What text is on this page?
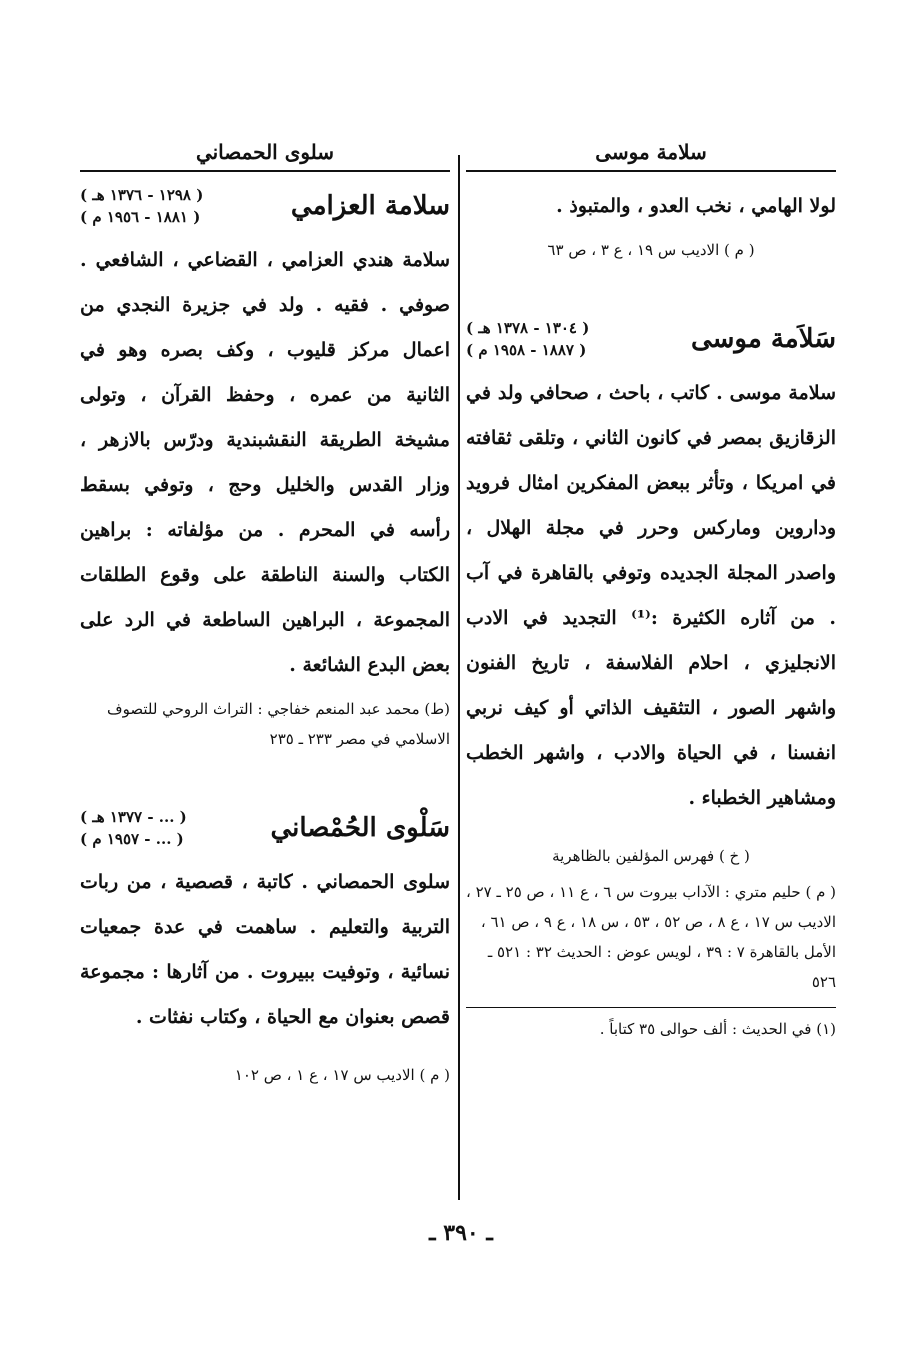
سلامة موسى

لولا الهامي ، نخب العدو ، والمتبوذ .

( م ) الاديب س ١٩ ، ع ٣ ، ص ٦٣
سَلاَمة موسى
( ١٣٠٤ - ١٣٧٨ هـ )
( ١٨٨٧ - ١٩٥٨ م )

سلامة موسى . كاتب ، باحث ، صحافي ولد في الزقازيق بمصر في كانون الثاني ، وتلقى ثقافته في امريكا ، وتأثر ببعض المفكرين امثال فرويد وداروين وماركس وحرر في مجلة الهلال ، واصدر المجلة الجديده وتوفي بالقاهرة في آب . من آثاره الكثيرة :⁽¹⁾ التجديد في الادب الانجليزي ، احلام الفلاسفة ، تاريخ الفنون واشهر الصور ، التثقيف الذاتي أو كيف نربي انفسنا ، في الحياة والادب ، واشهر الخطب ومشاهير الخطباء .

( خ ) فهرس المؤلفين بالظاهرية
( م ) حليم متري : الآداب بيروت س ٦ ، ع ١١ ، ص ٢٥ ـ ٢٧ ، الاديب س ١٧ ، ع ٨ ، ص ٥٢ ، ٥٣ ، س ١٨ ، ع ٩ ، ص ٦١ ، الأمل بالقاهرة ٧ : ٣٩ ، لويس عوض : الحديث ٣٢ : ٥٢١ ـ ٥٢٦
(١) في الحديث : ألف حوالى ٣٥ كتاباً .
سلوى الحمصاني
سلامة العزامي
( ١٢٩٨ - ١٣٧٦ هـ )
( ١٨٨١ - ١٩٥٦ م )

سلامة هندي العزامي ، القضاعي ، الشافعي . صوفي . فقيه . ولد في جزيرة النجدي من اعمال مركز قليوب ، وكف بصره وهو في الثانية من عمره ، وحفظ القرآن ، وتولى مشيخة الطريقة النقشبندية ودرّس بالازهر ، وزار القدس والخليل وحج ، وتوفي بسقط رأسه في المحرم . من مؤلفاته : براهين الكتاب والسنة الناطقة على وقوع الطلقات المجموعة ، البراهين الساطعة في الرد على بعض البدع الشائعة .

(ط) محمد عبد المنعم خفاجي : التراث الروحي للتصوف الاسلامي في مصر ٢٣٣ ـ ٢٣٥
سَلْوى الحُمْصاني
( ... - ١٣٧٧ هـ )
( ... - ١٩٥٧ م )

سلوى الحمصاني . كاتبة ، قصصية ، من ربات التربية والتعليم . ساهمت في عدة جمعيات نسائية ، وتوفيت ببيروت . من آثارها : مجموعة قصص بعنوان مع الحياة ، وكتاب نفثات .

( م ) الاديب س ١٧ ، ع ١ ، ص ١٠٢
ـ ٣٩٠ ـ
